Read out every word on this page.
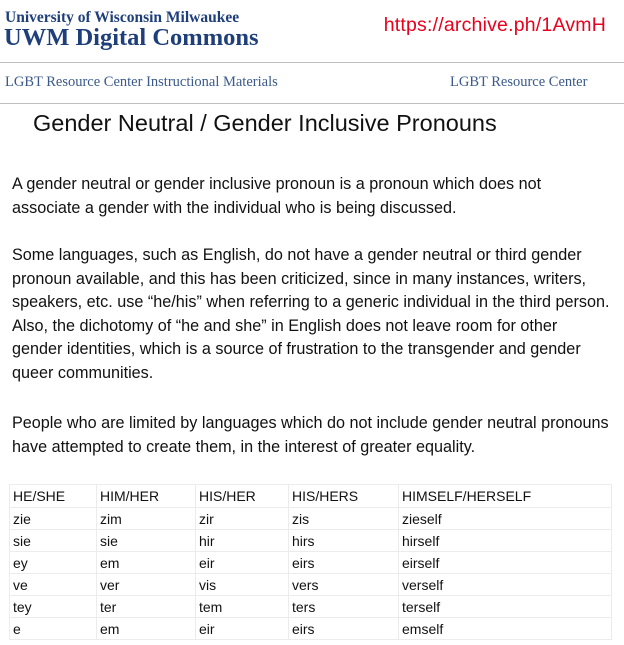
University of Wisconsin Milwaukee
UWM Digital Commons	https://archive.ph/1AvmH
LGBT Resource Center Instructional Materials	LGBT Resource Center
Gender Neutral / Gender Inclusive Pronouns

A gender neutral or gender inclusive pronoun is a pronoun which does not associate a gender with the individual who is being discussed.

Some languages, such as English, do not have a gender neutral or third gender pronoun available, and this has been criticized, since in many instances, writers, speakers, etc. use “he/his” when referring to a generic individual in the third person. Also, the dichotomy of “he and she” in English does not leave room for other gender identities, which is a source of frustration to the transgender and gender queer communities.

People who are limited by languages which do not include gender neutral pronouns have attempted to create them, in the interest of greater equality.

HE/SHE	HIM/HER	HIS/HER	HIS/HERS	HIMSELF/HERSELF
zie	zim	zir	zis	zieself
sie	sie	hir	hirs	hirself
ey	em	eir	eirs	eirself
ve	ver	vis	vers	verself
tey	ter	tem	ters	terself
e	em	eir	eirs	emself
